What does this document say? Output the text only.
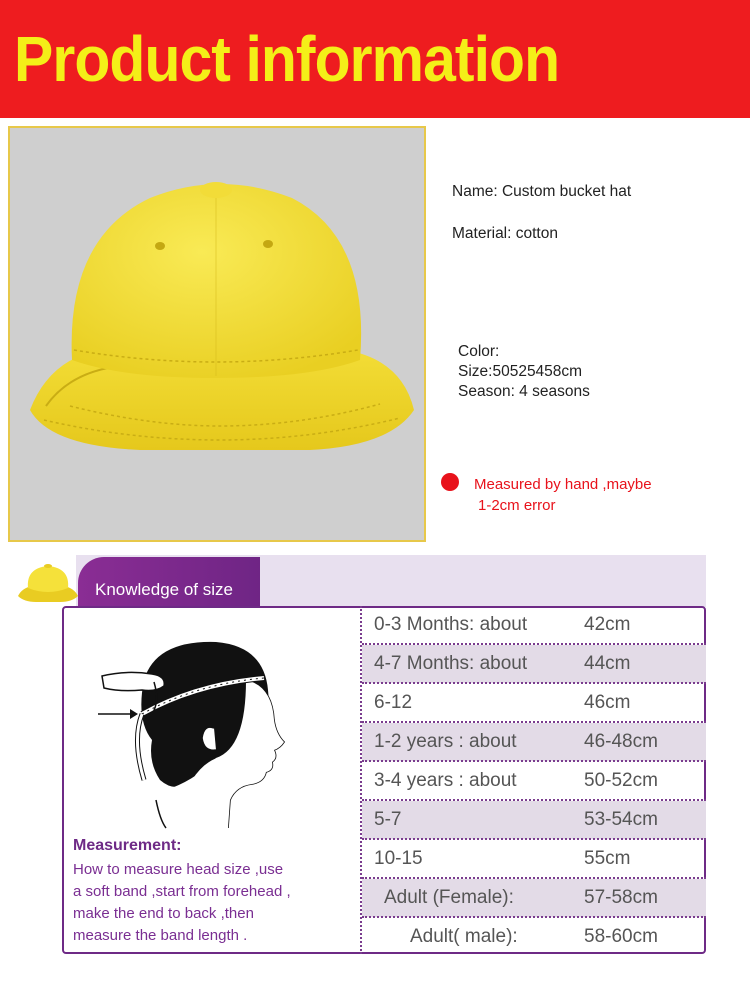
Product information
Name: Custom bucket hat
Material: cotton
Color:
Size:50525458cm
Season: 4 seasons
Measured by hand ,maybe
1-2cm error
Knowledge of size
Measurement:
How to measure head size ,use
a soft band ,start from forehead ,
make the end to back ,then
measure the band length .
0-3 Months: about	42cm
4-7 Months: about	44cm
6-12	46cm
1-2 years : about	46-48cm
3-4 years : about	50-52cm
5-7	53-54cm
10-15	55cm
Adult (Female):	57-58cm
Adult( male):	58-60cm
